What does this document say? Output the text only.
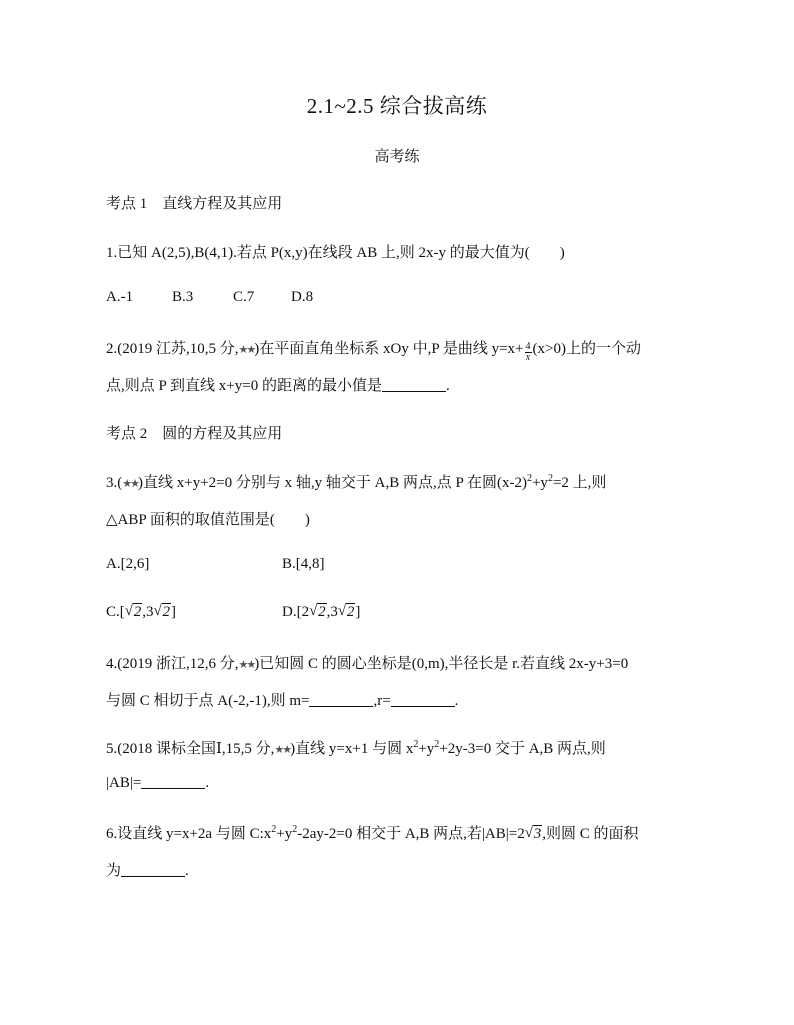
2.1~2.5 综合拔高练
高考练
考点 1　直线方程及其应用
1.已知 A(2,5),B(4,1).若点 P(x,y)在线段 AB 上,则 2x-y 的最大值为(　　)
A.-1	B.3	C.7 D.8
2.(2019 江苏,10,5 分,★★)在平面直角坐标系 xOy 中,P 是曲线 $y=x+ \frac{4}{x} (x>0)$上的一个动
点,则点 P 到直线 x+y=0 的距离的最小值是	.
考点 2　圆的方程及其应用
3.(★★)直线 x+y+2=0 分别与 x 轴,y 轴交于 A,B 两点,点 P 在圆$(x-2)^2+y^2=2$ 上,则
△ABP 面积的取值范围是(　　)
A.[2,6]	B.[4,8]
C.[ √ 2,3 √ 2]	D.[2 √ 2,3 √ 2]
4.(2019 浙江,12,6 分,★★)已知圆 C 的圆心坐标是(0,m),半径长是 r.若直线 2x-y+3=0
与圆 C 相切于点 A(-2,-1),则 m=	,r=	.
5.(2018 课标全国Ⅰ,15,5 分,★★)直线 y=x+1 与圆 $x^2+y^2+2y-3=0$ 交于 A,B 两点,则
|AB|=	.
6.设直线 y=x+2a 与圆 $C:x^2+y^2-2ay-2=0$ 相交于 A,B 两点,若|AB|=2 √ 3,则圆 C 的面积
为	.
